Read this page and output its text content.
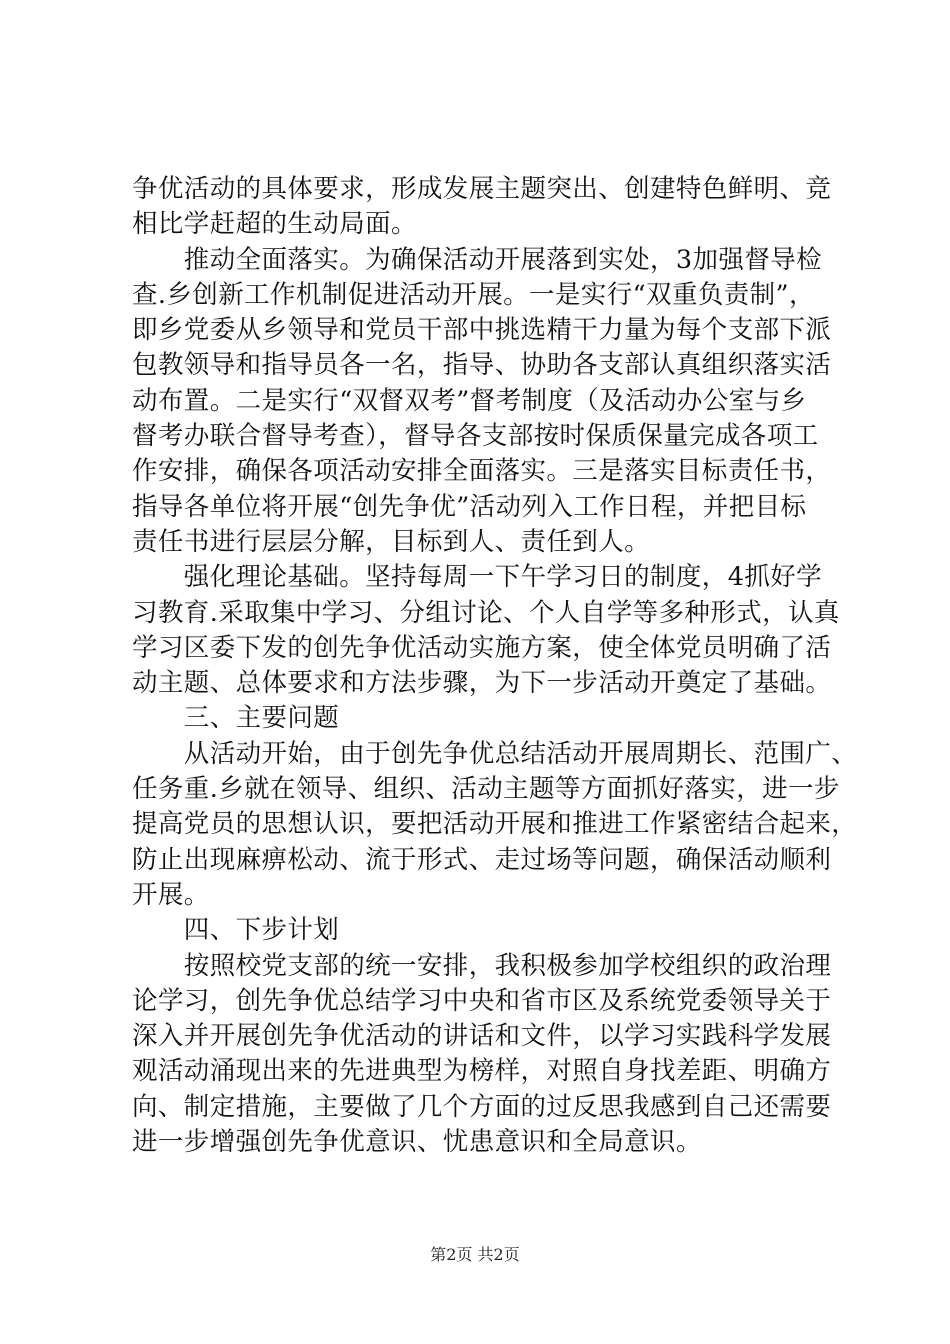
争优活动的具体要求，形成发展主题突出、创建特色鲜明、竞
相比学赶超的生动局面。
　　推动全面落实。为确保活动开展落到实处，3加强督导检
查.乡创新工作机制促进活动开展。一是实行“双重负责制”，
即乡党委从乡领导和党员干部中挑选精干力量为每个支部下派
包教领导和指导员各一名，指导、协助各支部认真组织落实活
动布置。二是实行“双督双考”督考制度（及活动办公室与乡
督考办联合督导考查），督导各支部按时保质保量完成各项工
作安排，确保各项活动安排全面落实。三是落实目标责任书，
指导各单位将开展“创先争优”活动列入工作日程，并把目标
责任书进行层层分解，目标到人、责任到人。
　　强化理论基础。坚持每周一下午学习日的制度，4抓好学
习教育.采取集中学习、分组讨论、个人自学等多种形式，认真
学习区委下发的创先争优活动实施方案，使全体党员明确了活
动主题、总体要求和方法步骤，为下一步活动开奠定了基础。
　　三、主要问题
　　从活动开始，由于创先争优总结活动开展周期长、范围广、
任务重.乡就在领导、组织、活动主题等方面抓好落实，进一步
提高党员的思想认识，要把活动开展和推进工作紧密结合起来，
防止出现麻痹松动、流于形式、走过场等问题，确保活动顺利
开展。
　　四、下步计划
　　按照校党支部的统一安排，我积极参加学校组织的政治理
论学习，创先争优总结学习中央和省市区及系统党委领导关于
深入并开展创先争优活动的讲话和文件，以学习实践科学发展
观活动涌现出来的先进典型为榜样，对照自身找差距、明确方
向、制定措施，主要做了几个方面的过反思我感到自己还需要
进一步增强创先争优意识、忧患意识和全局意识。
第2页 共2页
